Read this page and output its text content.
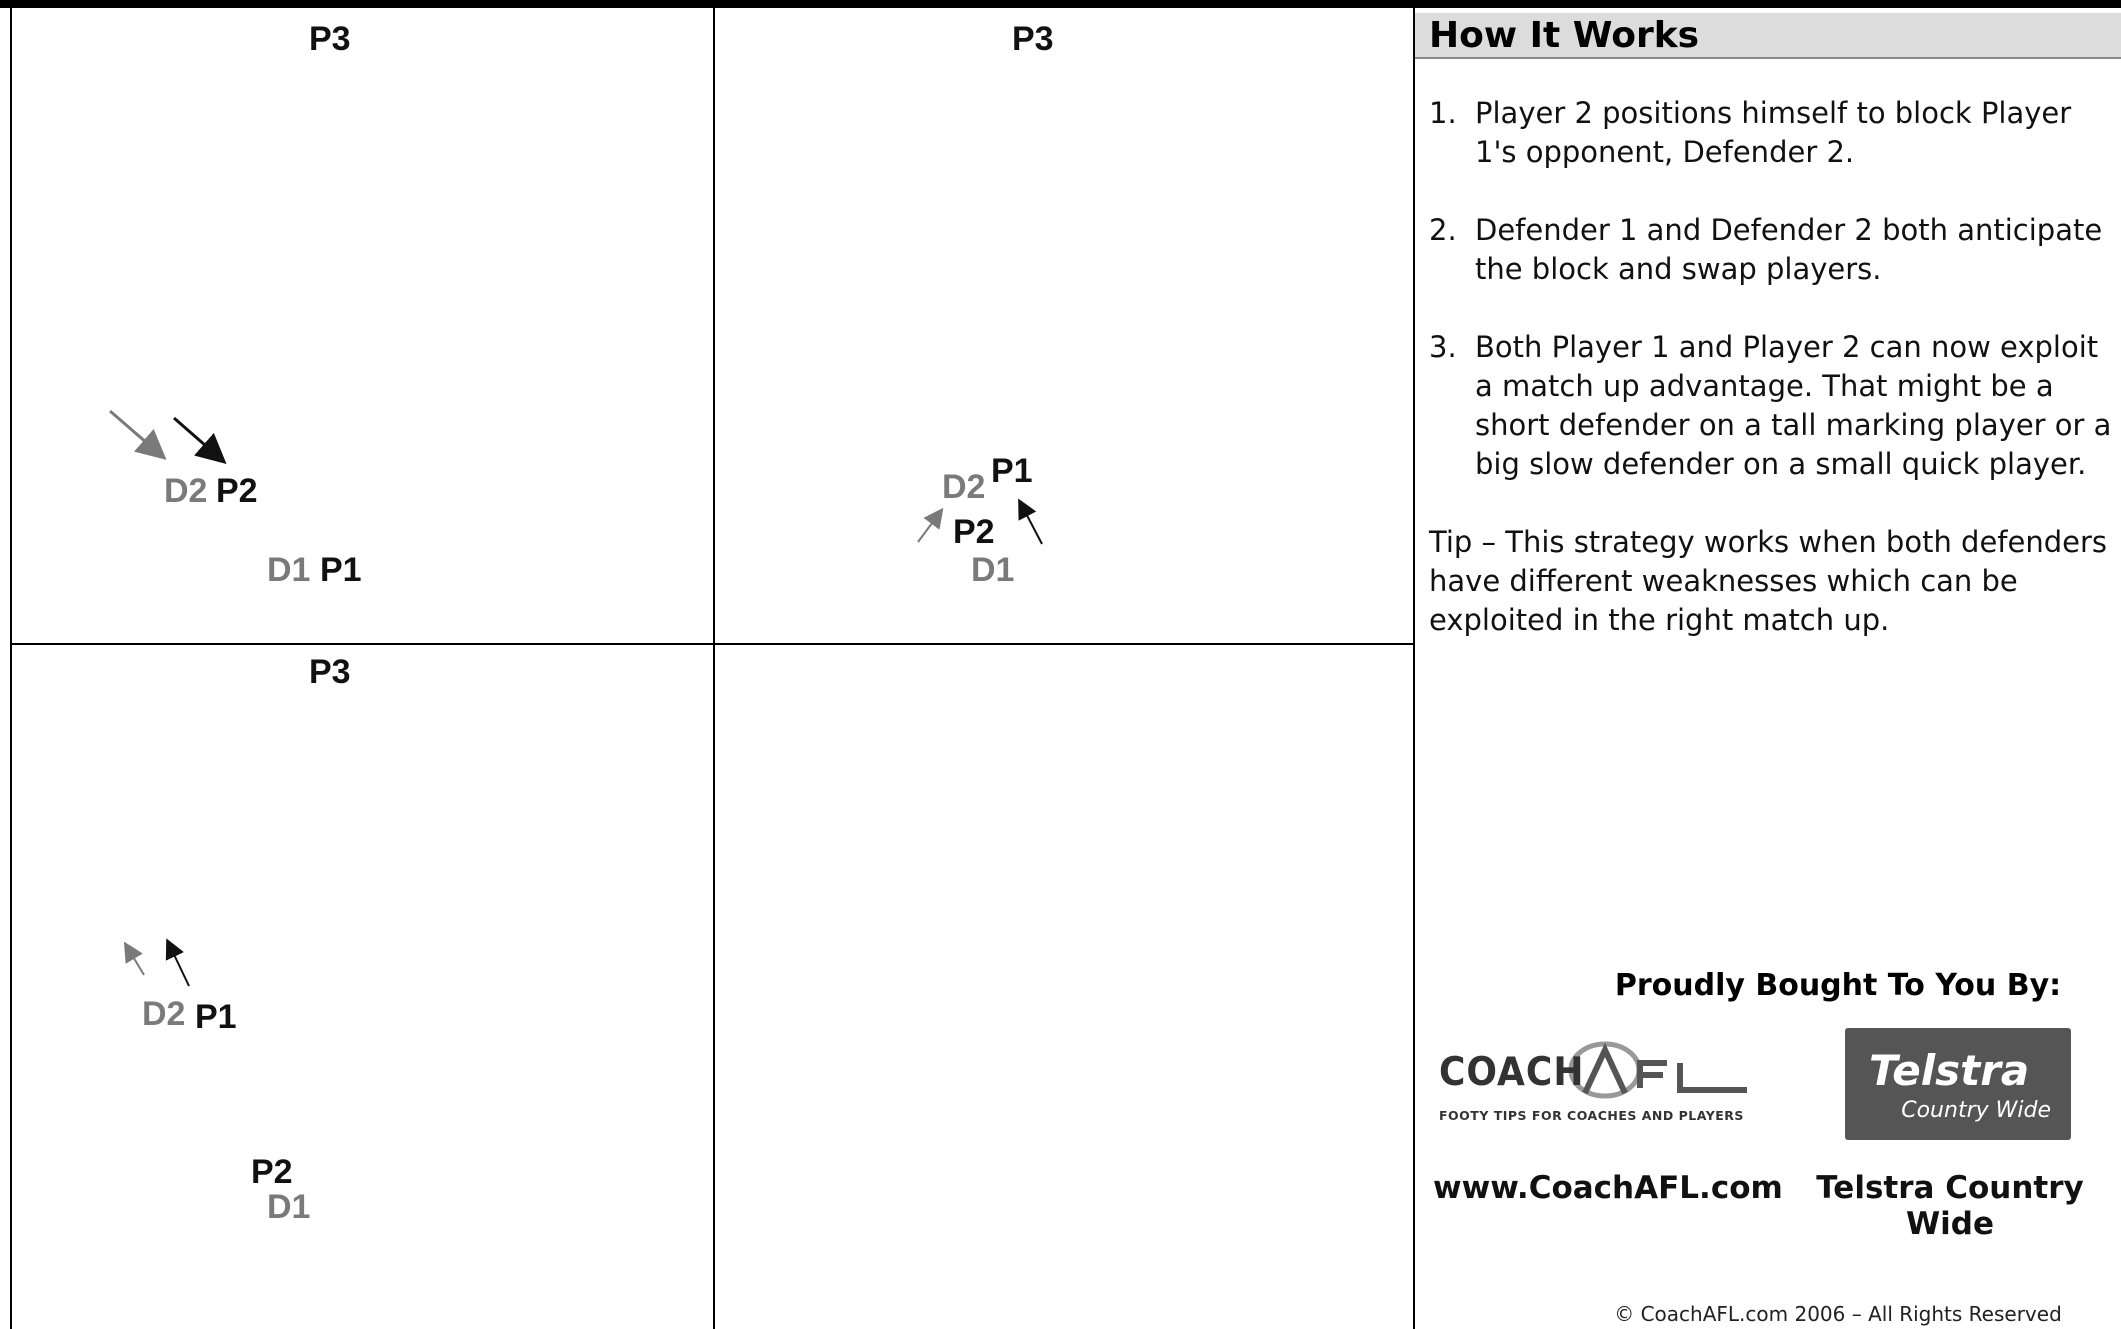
P3
D2 P2
D1 P1
P3
D2 P1
P2
D1
P3
D2 P1
P2
D1
How It Works
1. Player 2 positions himself to block Player 1's opponent, Defender 2.
2. Defender 1 and Defender 2 both anticipate the block and swap players.
3. Both Player 1 and Player 2 can now exploit a match up advantage. That might be a short defender on a tall marking player or a big slow defender on a small quick player.
Tip – This strategy works when both defenders have different weaknesses which can be exploited in the right match up.
Proudly Bought To You By:
COACH
FOOTY TIPS FOR COACHES AND PLAYERS
Telstra
Country Wide
www.CoachAFL.com Telstra Country Wide
© CoachAFL.com 2006 – All Rights Reserved
